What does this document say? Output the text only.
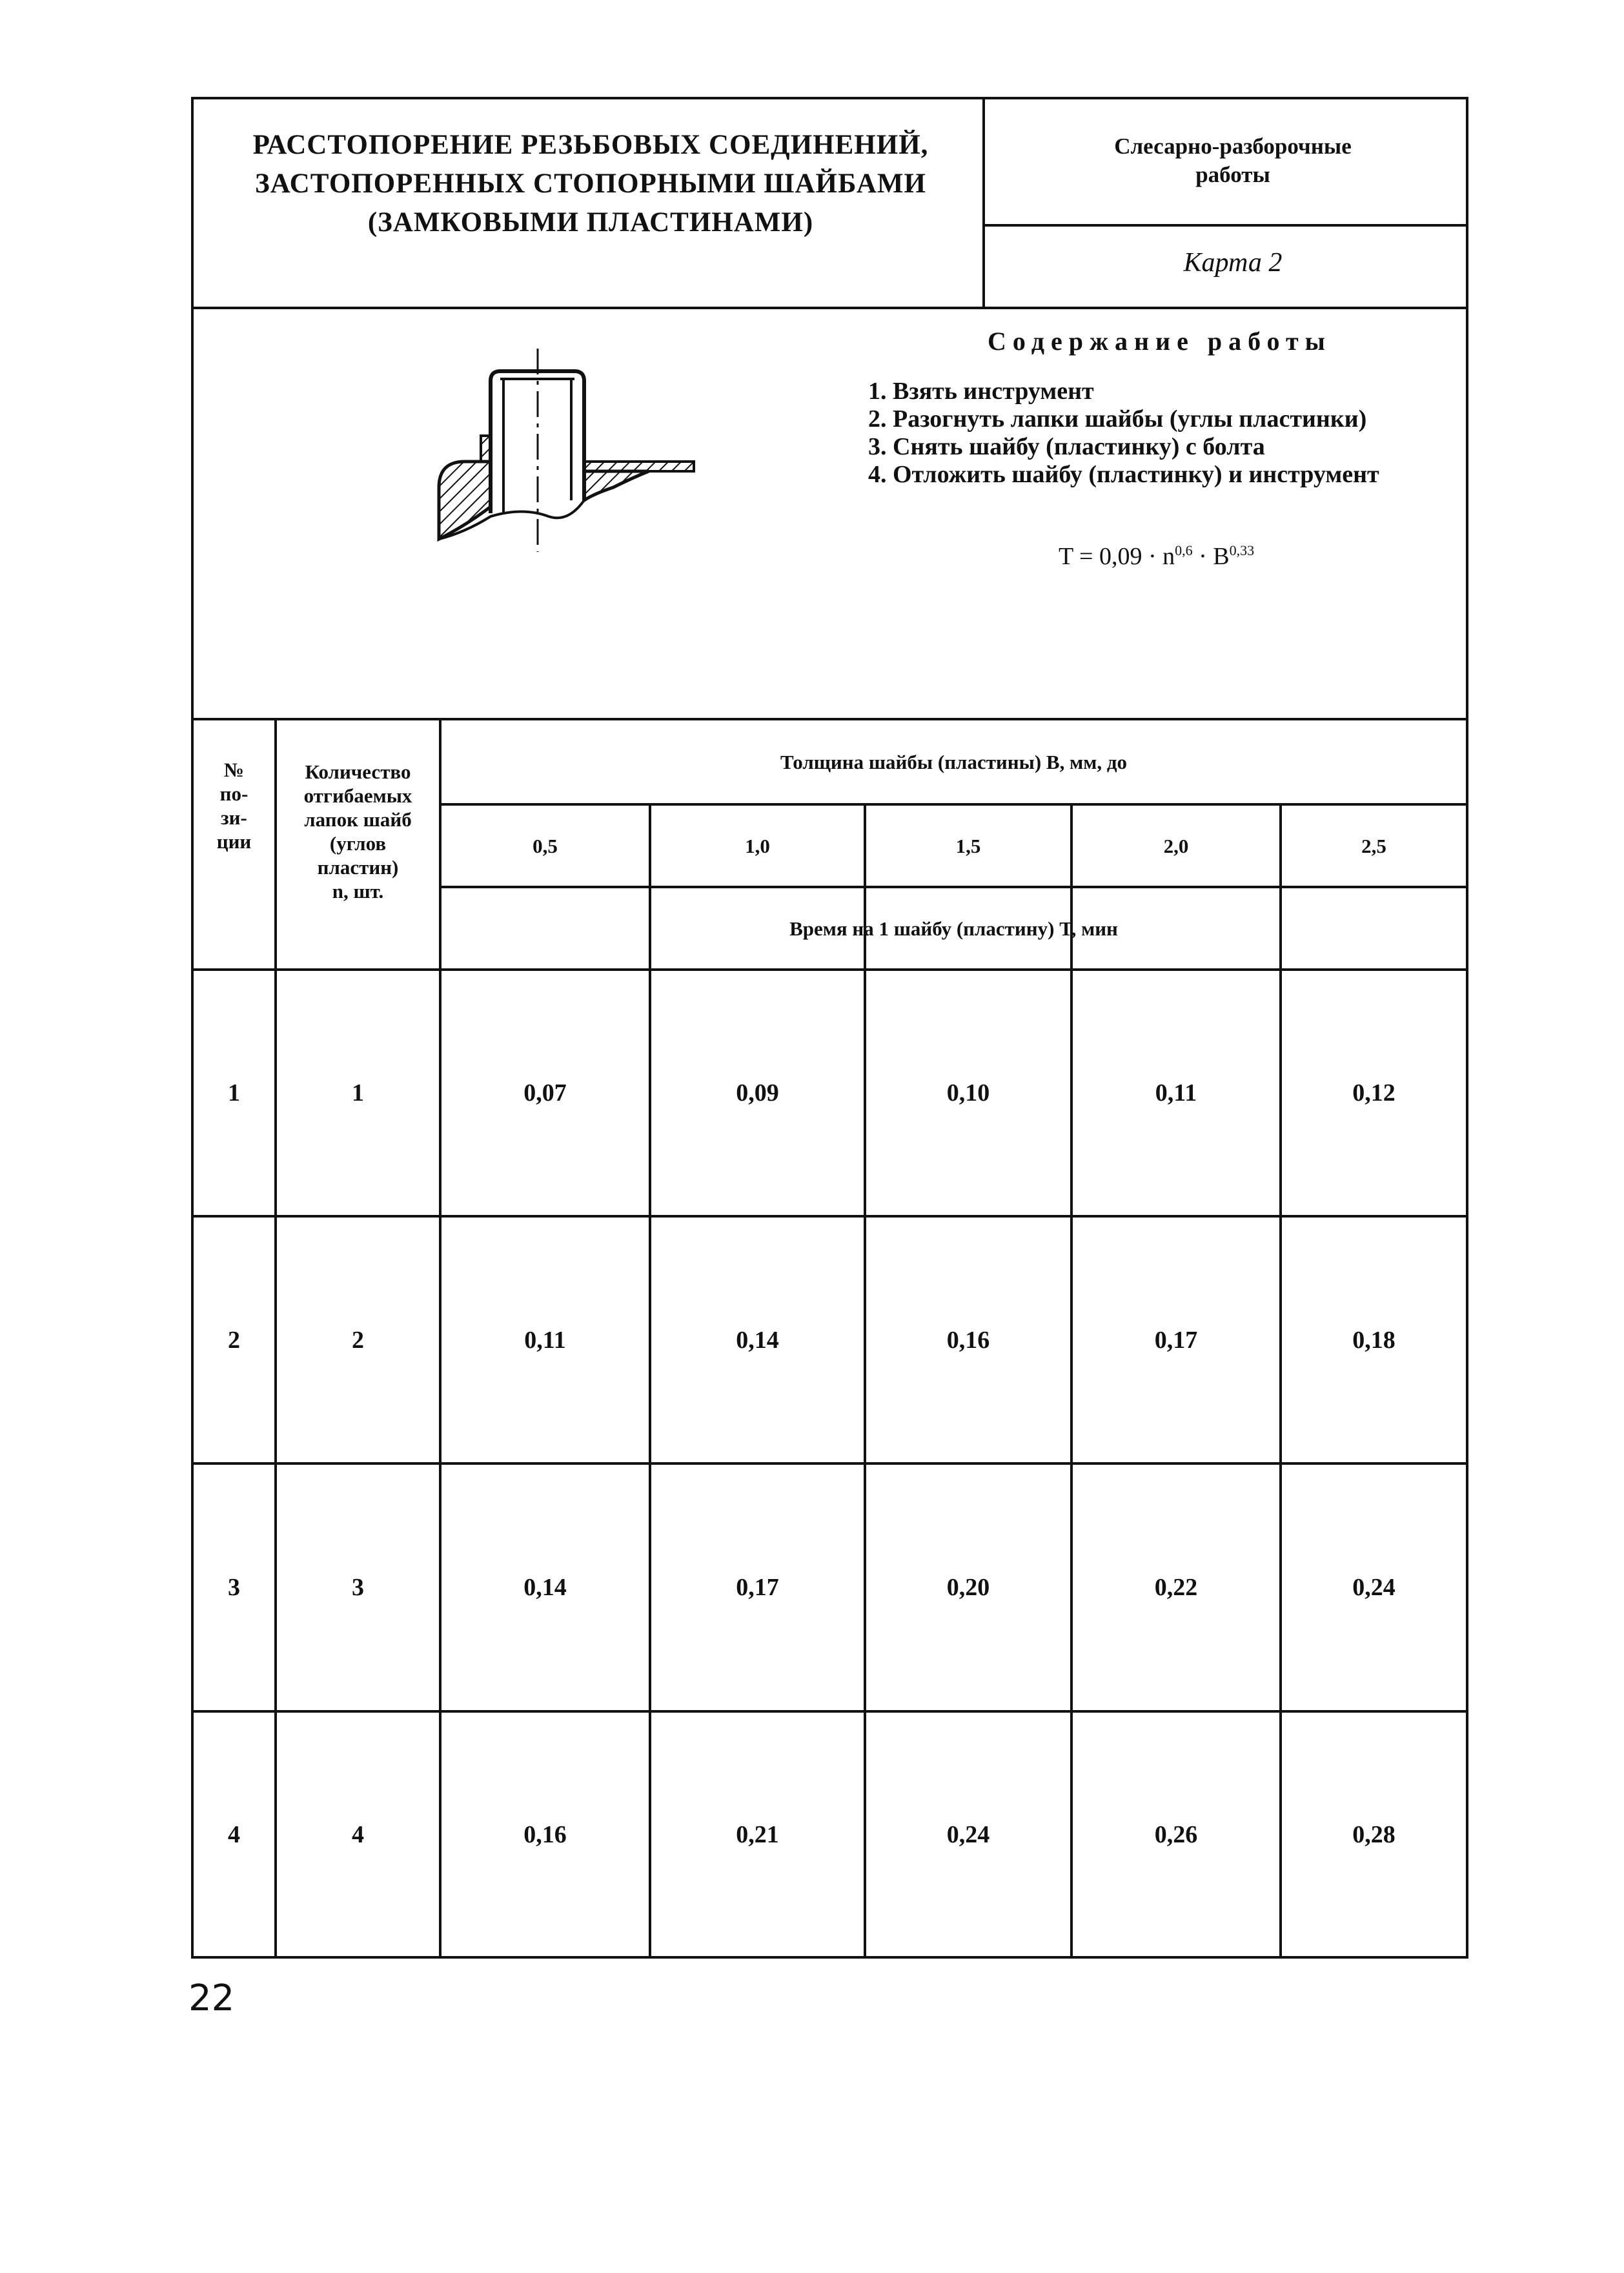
РАССТОПОРЕНИЕ РЕЗЬБОВЫХ СОЕДИНЕНИЙ,
ЗАСТОПОРЕННЫХ СТОПОРНЫМИ ШАЙБАМИ
(ЗАМКОВЫМИ ПЛАСТИНАМИ)
Слесарно-разборочные
работы
Карта 2
Содержание работы
1. Взять инструмент
2. Разогнуть лапки шайбы (углы пластинки)
3. Снять шайбу (пластинку) с болта
4. Отложить шайбу (пластинку) и инструмент
$T = 0,09 \cdot n^{0,6} \cdot B^{0,33}$
№
по-
зи-
ции
Количество
отгибаемых
лапок шайб
(углов
пластин)
n, шт.
Толщина шайбы (пластины) B, мм, до
0,5	1,0	1,5	2,0	2,5
Время на 1 шайбу (пластину) T, мин
1	1	0,07	0,09	0,10	0,11	0,12
2	2	0,11	0,14	0,16	0,17	0,18
3	3	0,14	0,17	0,20	0,22	0,24
4	4	0,16	0,21	0,24	0,26	0,28
22
